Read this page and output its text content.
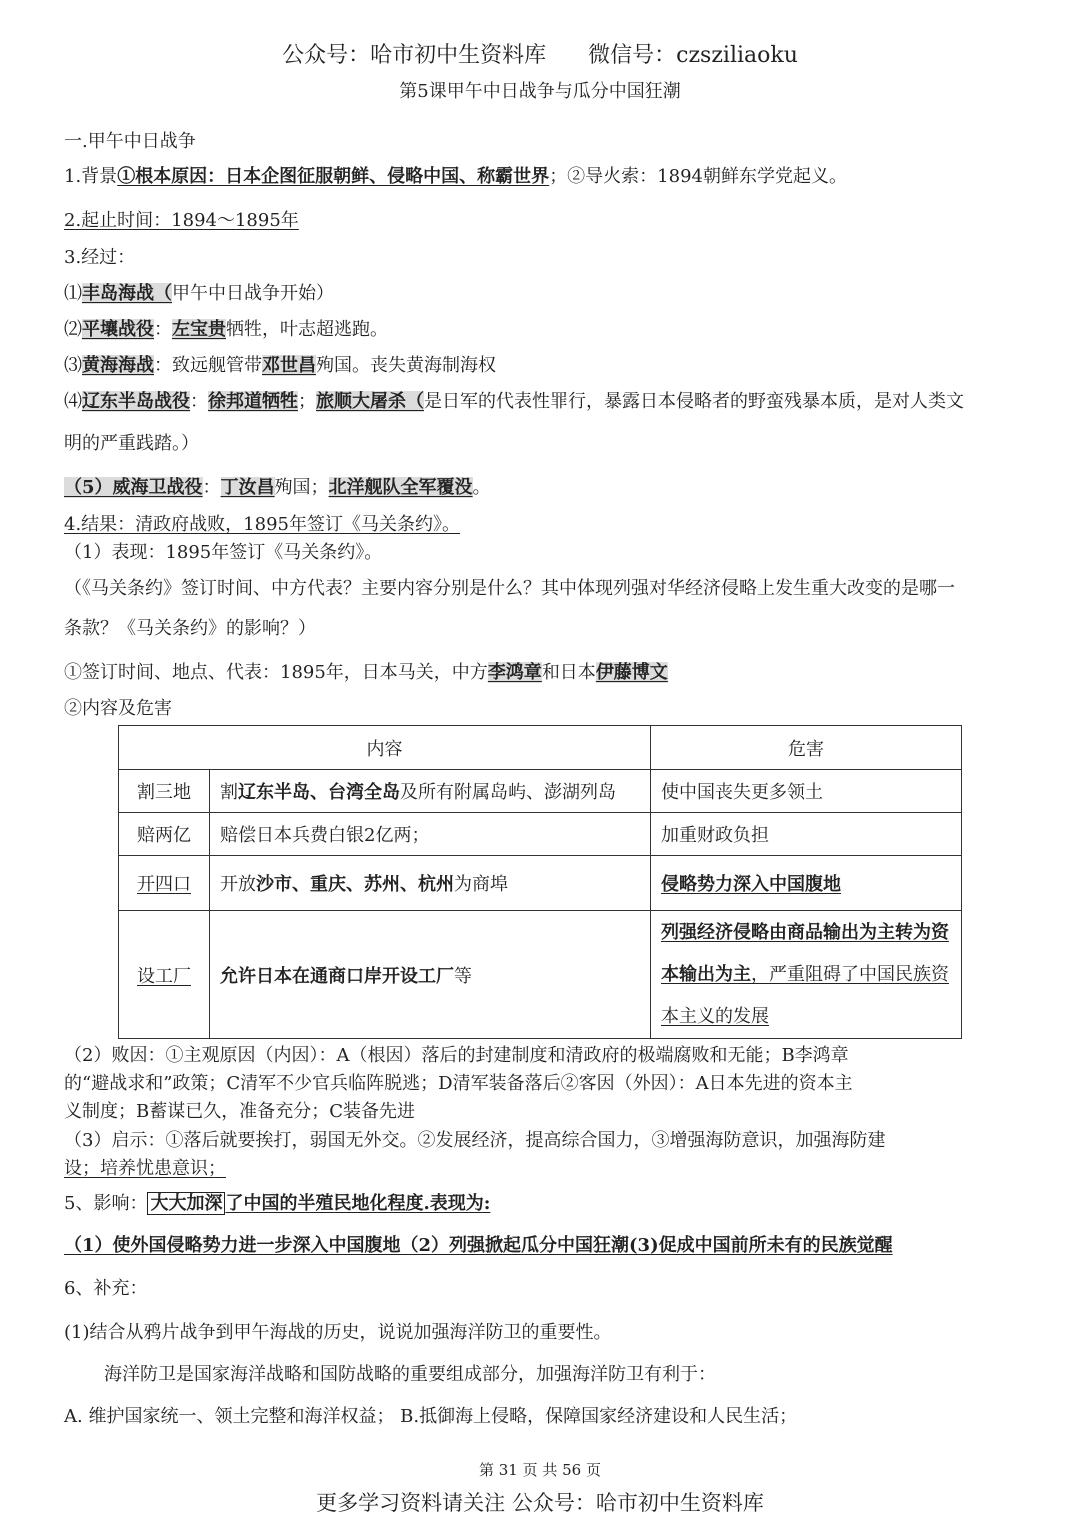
公众号：哈市初中生资料库 微信号：czsziliaoku
第5课甲午中日战争与瓜分中国狂潮
一.甲午中日战争
1.背景①根本原因：日本企图征服朝鲜、侵略中国、称霸世界；②导火索：1894朝鲜东学党起义。
2.起止时间：1894～1895年
3.经过：
⑴丰岛海战（甲午中日战争开始）
⑵平壤战役：左宝贵牺牲，叶志超逃跑。
⑶黄海海战：致远舰管带邓世昌殉国。丧失黄海制海权
⑷辽东半岛战役：徐邦道牺牲；旅顺大屠杀（是日军的代表性罪行，暴露日本侵略者的野蛮残暴本质，是对人类文
明的严重践踏。）
（5）威海卫战役：丁汝昌殉国；北洋舰队全军覆没。
4.结果：清政府战败，1895年签订《马关条约》。
（1）表现：1895年签订《马关条约》。
（《马关条约》签订时间、中方代表？主要内容分别是什么？其中体现列强对华经济侵略上发生重大改变的是哪一
条款？《马关条约》的影响？）
①签订时间、地点、代表：1895年，日本马关，中方李鸿章和日本伊藤博文
②内容及危害
内容		危害
割三地	割辽东半岛、台湾全岛及所有附属岛屿、澎湖列岛	使中国丧失更多领土
赔两亿	赔偿日本兵费白银2亿两；	加重财政负担
开四口	开放沙市、重庆、苏州、杭州为商埠	侵略势力深入中国腹地
设工厂	允许日本在通商口岸开设工厂等	列强经济侵略由商品输出为主转为资本输出为主，严重阻碍了中国民族资本主义的发展
（2）败因：①主观原因（内因）：A（根因）落后的封建制度和清政府的极端腐败和无能；B李鸿章
的“避战求和”政策；C清军不少官兵临阵脱逃；D清军装备落后②客因（外因）：A日本先进的资本主
义制度；B蓄谋已久，准备充分；C装备先进
（3）启示：①落后就要挨打，弱国无外交。②发展经济，提高综合国力，③增强海防意识，加强海防建
设；培养忧患意识；
5、影响： 大大加深 了中国的半殖民地化程度.表现为:
（1）使外国侵略势力进一步深入中国腹地（2）列强掀起瓜分中国狂潮(3)促成中国前所未有的民族觉醒
6、补充：
(1)结合从鸦片战争到甲午海战的历史，说说加强海洋防卫的重要性。
海洋防卫是国家海洋战略和国防战略的重要组成部分，加强海洋防卫有利于：
A. 维护国家统一、领土完整和海洋权益； B.抵御海上侵略，保障国家经济建设和人民生活；
第 31 页 共 56 页
更多学习资料请关注 公众号：哈市初中生资料库
